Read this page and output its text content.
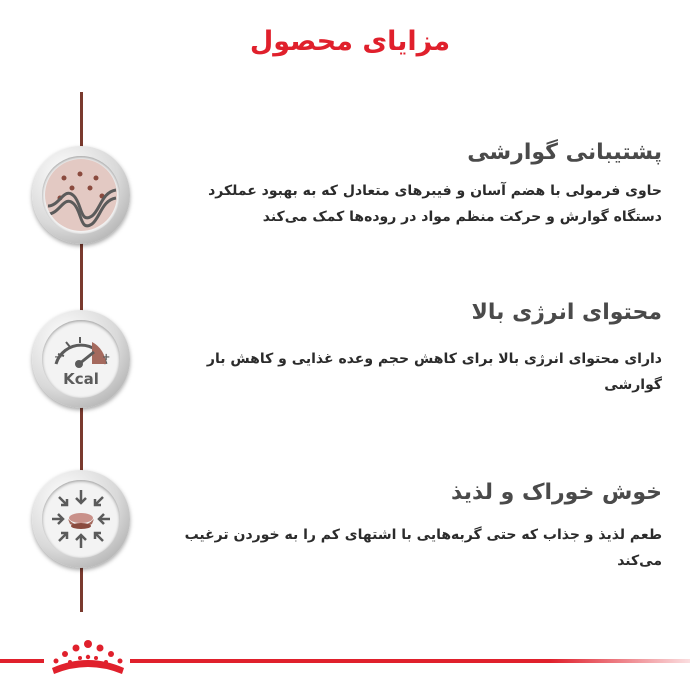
مزایای محصول
پشتیبانی گوارشی
حاوی فرمولی با هضم آسان و فیبرهای متعادل که به بهبود عملکرد دستگاه گوارش و حرکت منظم مواد در روده‌ها کمک می‌کند
−	+
Kcal
محتوای انرژی بالا
دارای محتوای انرژی بالا برای کاهش حجم وعده غذایی و کاهش بار گوارشی
خوش خوراک و لذیذ
طعم لذیذ و جذاب که حتی گربه‌هایی با اشتهای کم را به خوردن ترغیب می‌کند
